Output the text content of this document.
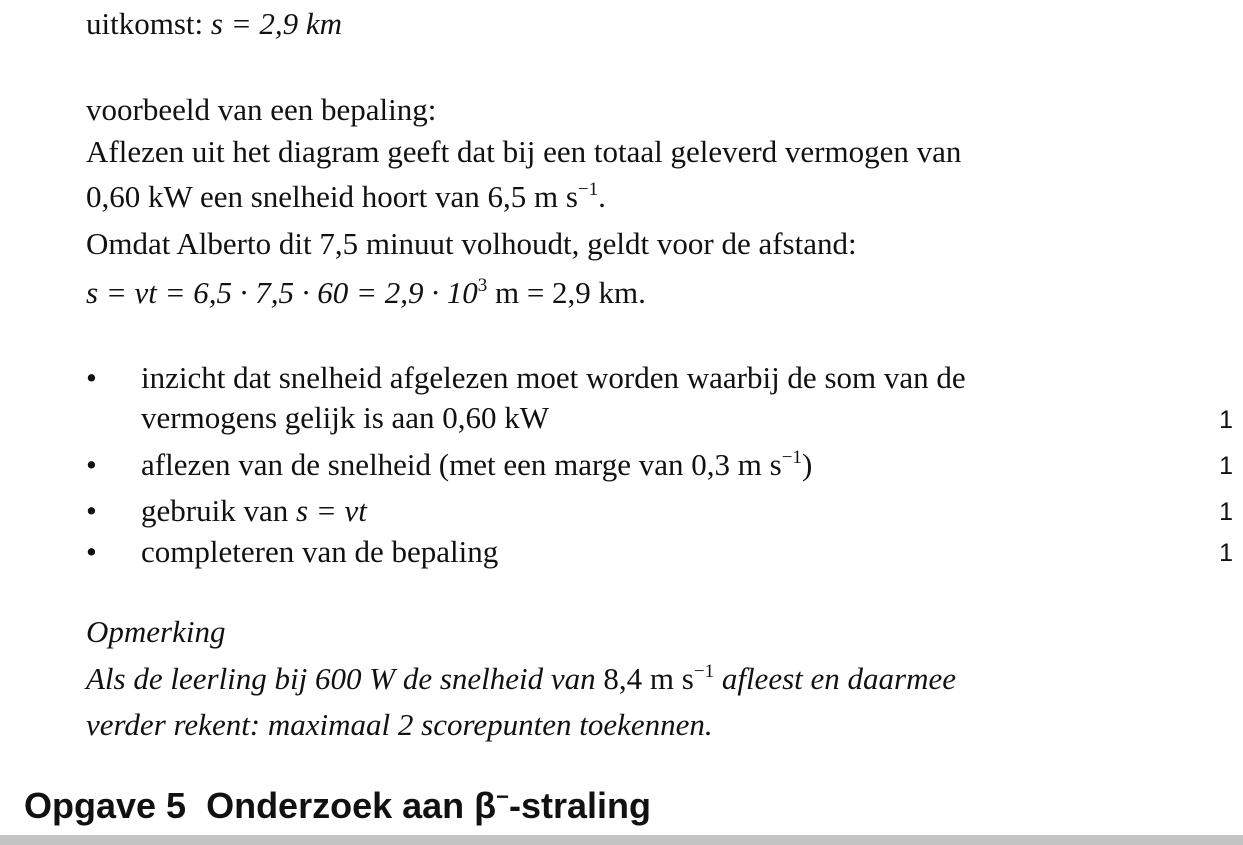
uitkomst: s = 2,9 km
voorbeeld van een bepaling:
Aflezen uit het diagram geeft dat bij een totaal geleverd vermogen van
0,60 kW een snelheid hoort van 6,5 m $s^{-1}$.
Omdat Alberto dit 7,5 minuut volhoudt, geldt voor de afstand:
s = vt = $6,5 \cdot 7,5 \cdot 60 = 2,9 \cdot 10^3$ m = 2,9 km.
• inzicht dat snelheid afgelezen moet worden waarbij de som van de
vermogens gelijk is aan 0,60 kW	1
• aflezen van de snelheid (met een marge van 0,3 m $s^{-1}$)	1
• gebruik van s = vt	1
• completeren van de bepaling	1
Opmerking
Als de leerling bij 600 W de snelheid van 8,4 m $s^{-1}$ afleest en daarmee
verder rekent: maximaal 2 scorepunten toekennen.
Opgave 5 Onderzoek aan β−-straling
